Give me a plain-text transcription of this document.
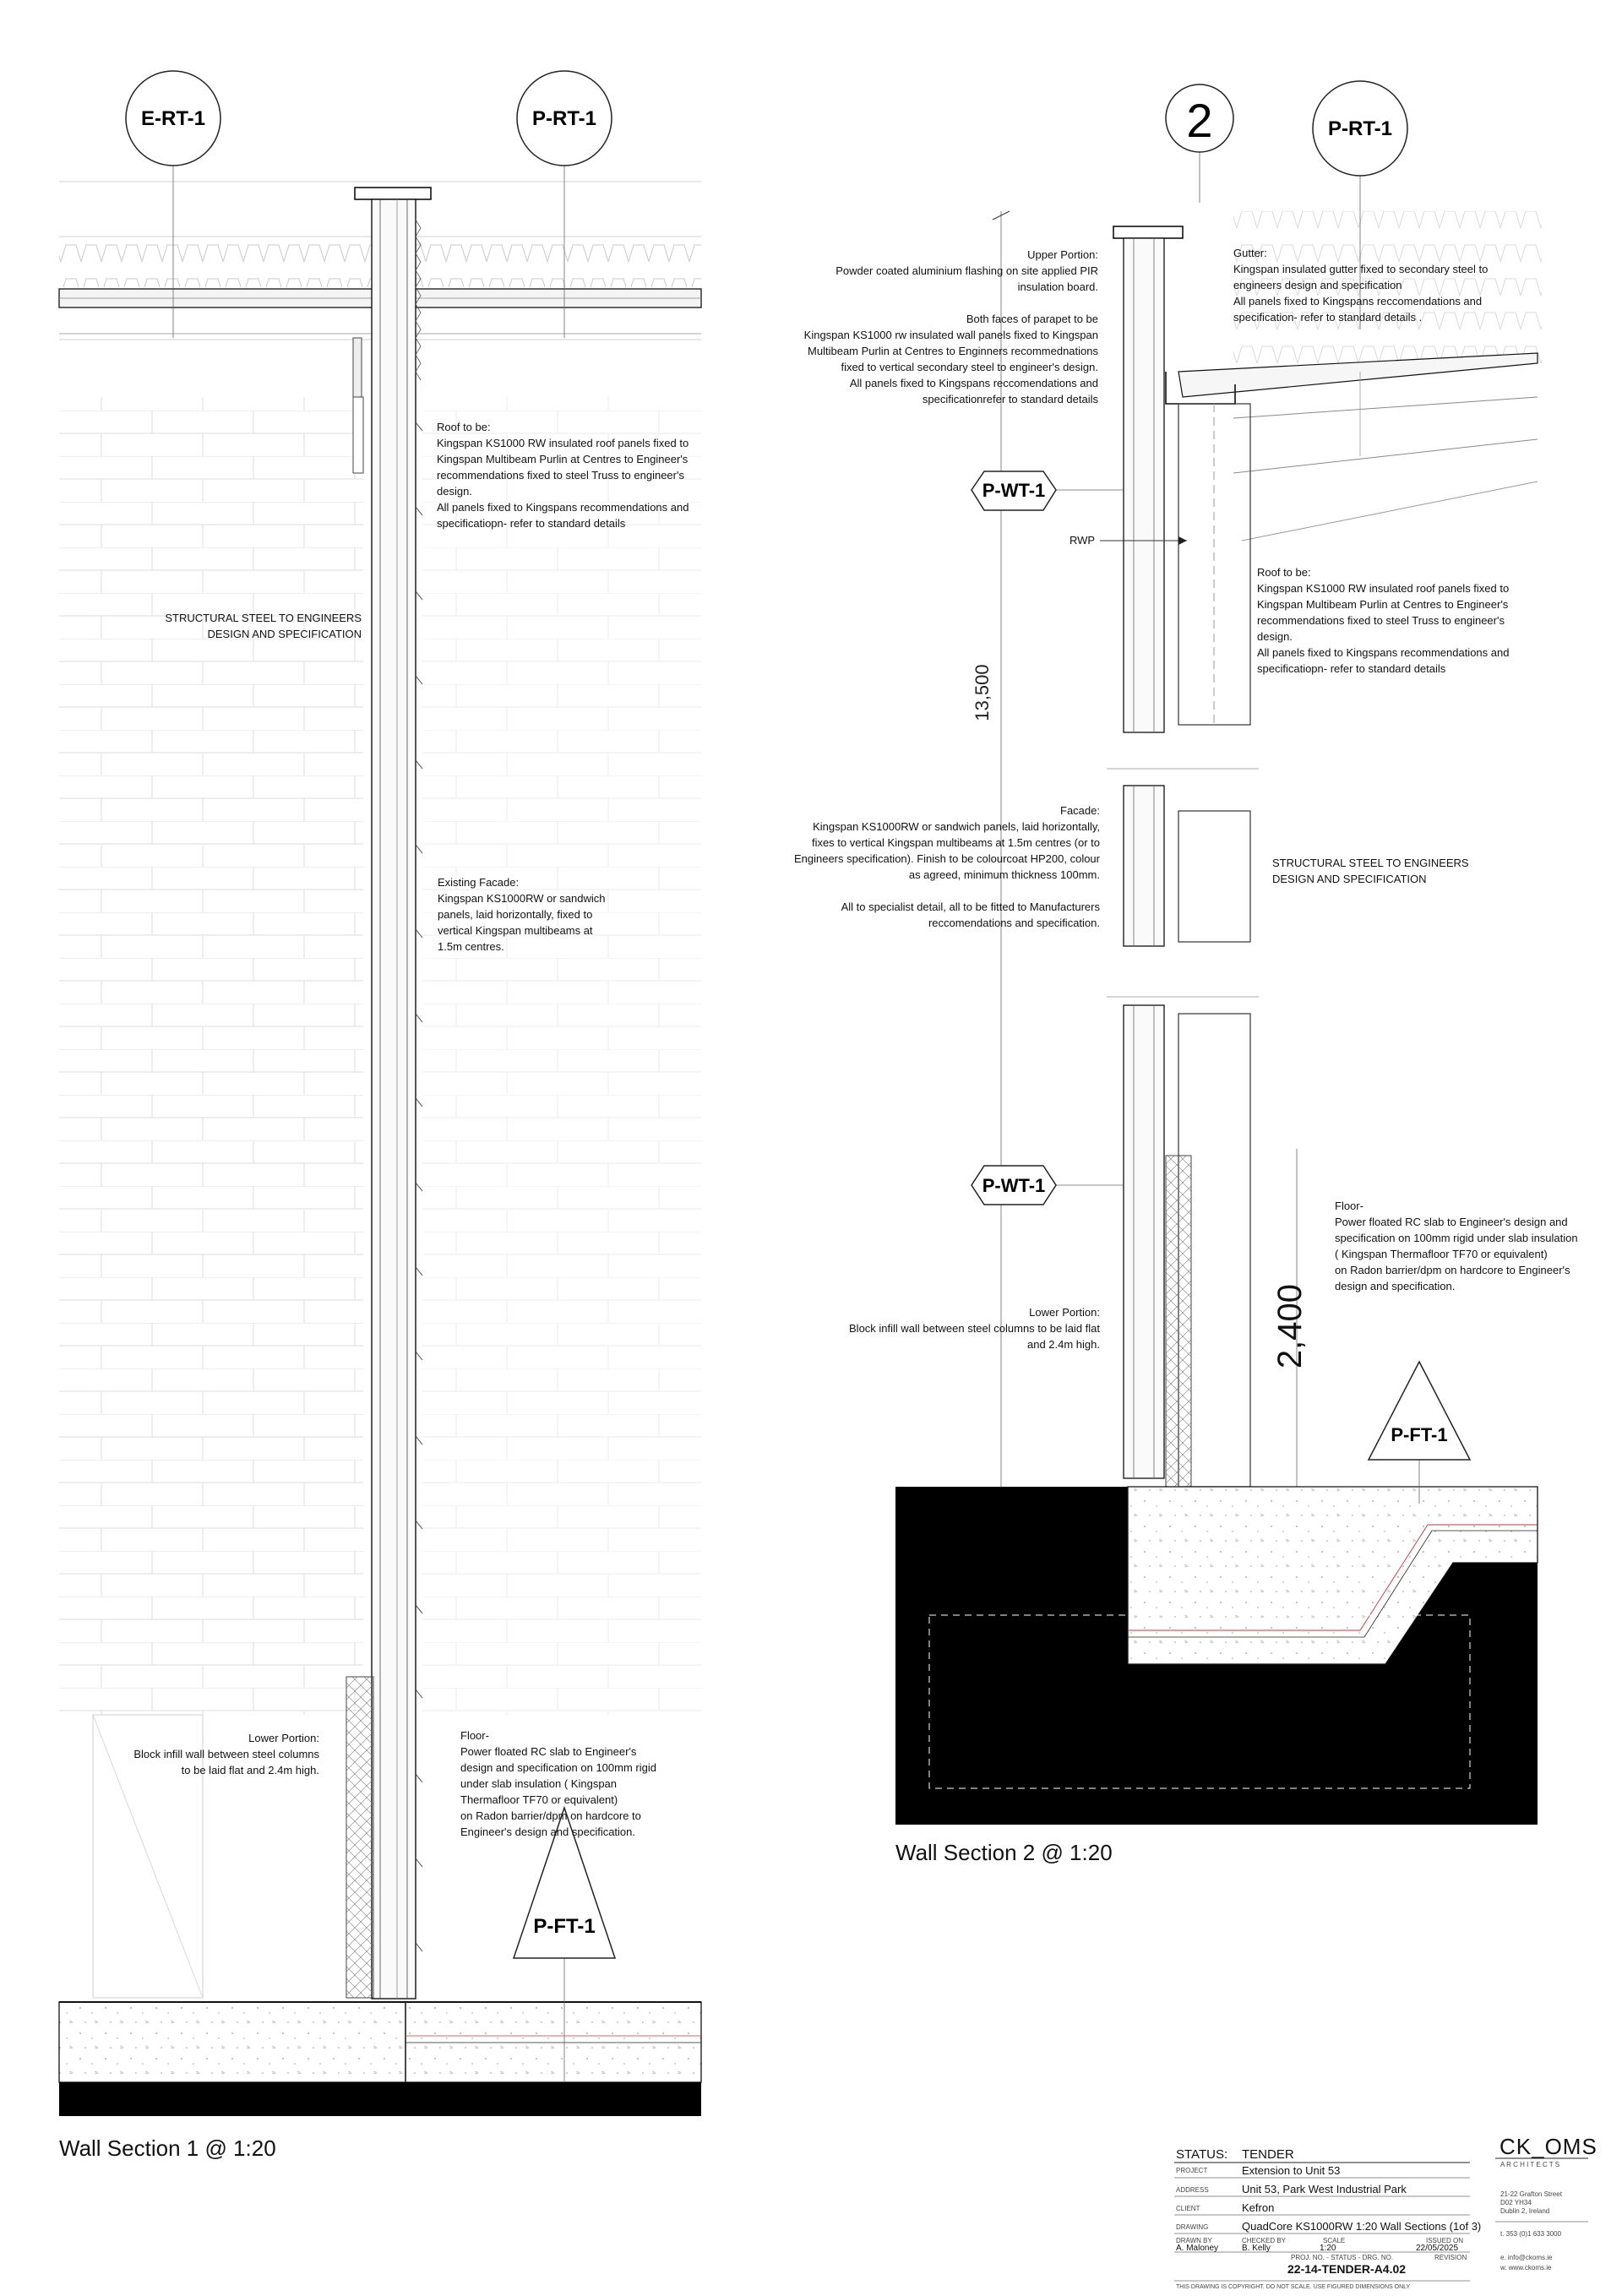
E-RT-1	P-RT-1
P-FT-1
13,500
2,400
2	P-RT-1
P-WT-1
P-WT-1
P-FT-1
Roof to be:
Kingspan KS1000 RW insulated roof panels fixed to
Kingspan Multibeam Purlin at Centres to Engineer's
recommendations fixed to steel Truss to engineer's
design.
All panels fixed to Kingspans recommendations and
specificatiopn- refer to standard details
STRUCTURAL STEEL TO ENGINEERS
DESIGN AND SPECIFICATION
Existing Facade:
Kingspan KS1000RW or sandwich
panels, laid horizontally, fixed to
vertical Kingspan multibeams at
1.5m centres.
Lower Portion:
Block infill wall between steel columns
to be laid flat and 2.4m high.
Floor-
Power floated RC slab to Engineer's
design and specification on 100mm rigid
under slab insulation ( Kingspan
Thermafloor TF70 or equivalent)
on Radon barrier/dpm on hardcore to
Engineer's design and specification.
Wall Section 1 @ 1:20
Upper Portion:
Powder coated aluminium flashing on site applied PIR
insulation board.

Both faces of parapet to be
Kingspan KS1000 rw insulated wall panels fixed to Kingspan
Multibeam Purlin at Centres to Enginners recommednations
fixed to vertical secondary steel to engineer's design.
All panels fixed to Kingspans reccomendations and
specificationrefer to standard details
Gutter:
Kingspan insulated gutter fixed to secondary steel to
engineers design and specification
All panels fixed to Kingspans reccomendations and
specification- refer to standard details .
RWP
Roof to be:
Kingspan KS1000 RW insulated roof panels fixed to
Kingspan Multibeam Purlin at Centres to Engineer's
recommendations fixed to steel Truss to engineer's
design.
All panels fixed to Kingspans recommendations and
specificatiopn- refer to standard details
Facade:
Kingspan KS1000RW or sandwich panels, laid horizontally,
fixes to vertical Kingspan multibeams at 1.5m centres (or to
Engineers specification). Finish to be colourcoat HP200, colour
as agreed, minimum thickness 100mm.

All to specialist detail, all to be fitted to Manufacturers
reccomendations and specification.
STRUCTURAL STEEL TO ENGINEERS
DESIGN AND SPECIFICATION
Floor-
Power floated RC slab to Engineer's design and
specification on 100mm rigid under slab insulation
( Kingspan Thermafloor TF70 or equivalent)
on Radon barrier/dpm on hardcore to Engineer's
design and specification.
Lower Portion:
Block infill wall between steel columns to be laid flat
and 2.4m high.
Wall Section 2 @ 1:20
STATUS: TENDER
PROJECT	Extension to Unit 53
ADDRESS	Unit 53, Park West Industrial Park
CLIENT	Kefron
DRAWING	QuadCore KS1000RW 1:20 Wall Sections (1of 3)
DRAWN BY
A. Maloney
CHECKED BY
B. Kelly
SCALE
1:20
ISSUED ON
22/05/2025
REVISION
PROJ. NO. - STATUS - DRG. NO.
22-14-TENDER-A4.02
THIS DRAWING IS COPYRIGHT. DO NOT SCALE. USE FIGURED DIMENSIONS ONLY
CK_OMS
A R C H I T E C T S
21-22 Grafton Street
D02 YH34
Dublin 2, Ireland
t. 353 (0)1 633 3000
e. info@ckoms.ie
w. www.ckoms.ie
